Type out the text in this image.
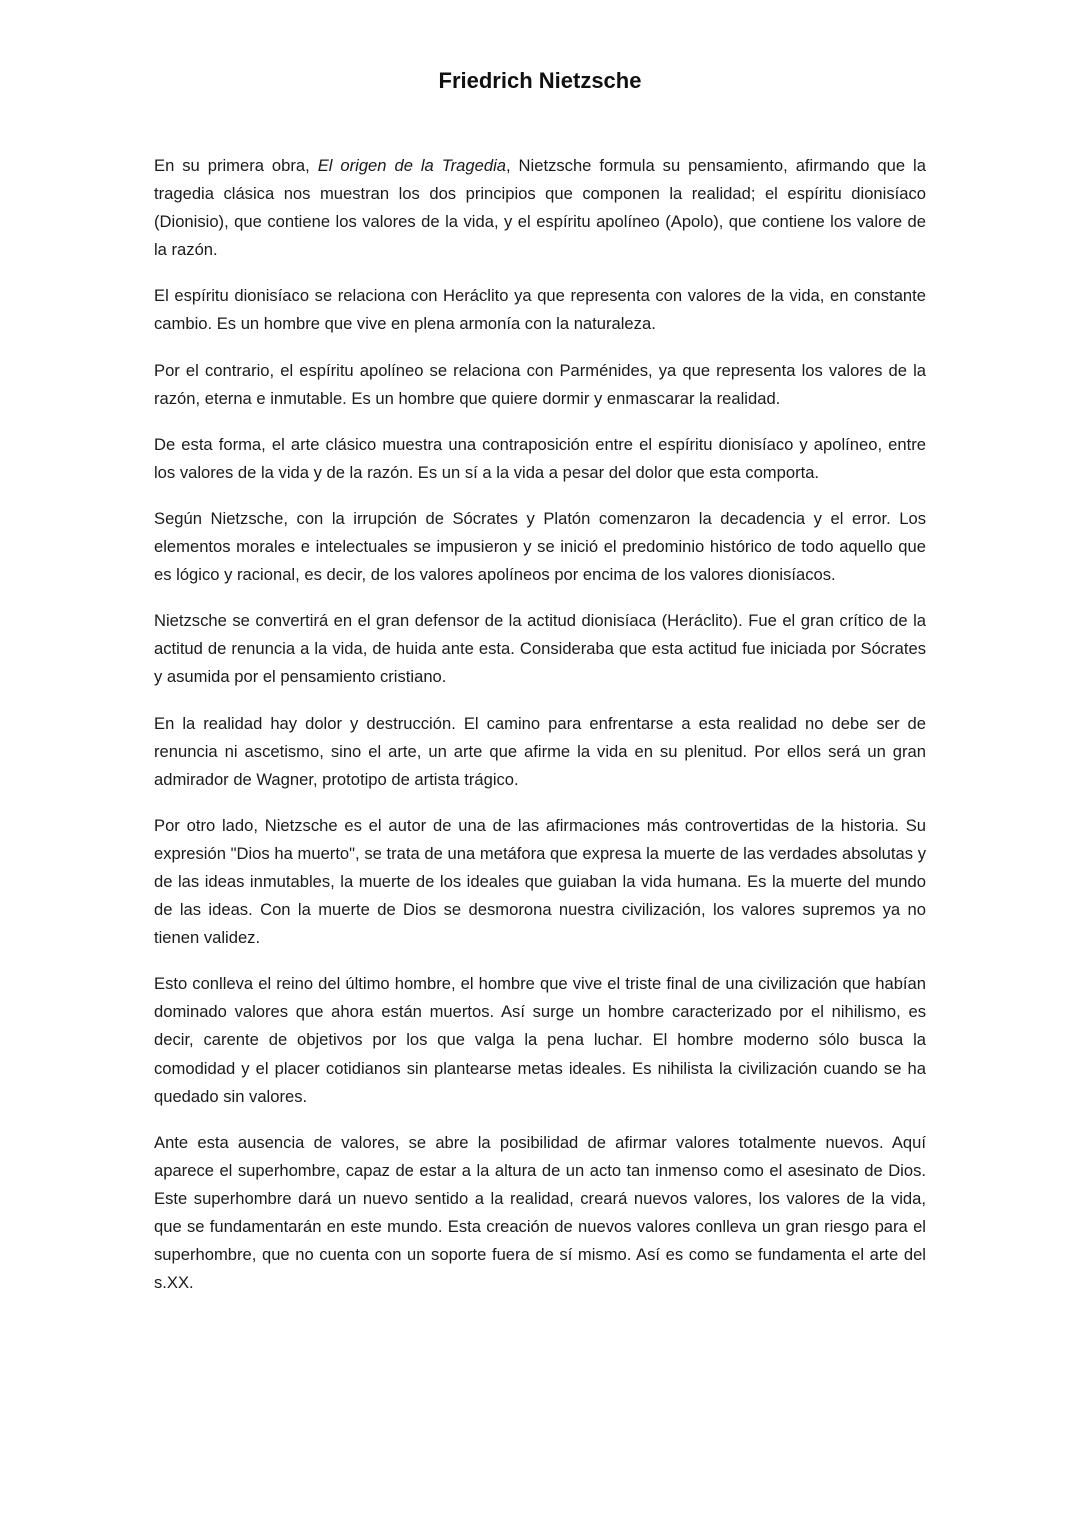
Friedrich Nietzsche

En su primera obra, El origen de la Tragedia, Nietzsche formula su pensamiento, afirmando que la tragedia clásica nos muestran los dos principios que componen la realidad; el espíritu dionisíaco (Dionisio), que contiene los valores de la vida, y el espíritu apolíneo (Apolo), que contiene los valore de la razón.

El espíritu dionisíaco se relaciona con Heráclito ya que representa con valores de la vida, en constante cambio. Es un hombre que vive en plena armonía con la naturaleza.

Por el contrario, el espíritu apolíneo se relaciona con Parménides, ya que representa los valores de la razón, eterna e inmutable. Es un hombre que quiere dormir y enmascarar la realidad.

De esta forma, el arte clásico muestra una contraposición entre el espíritu dionisíaco y apolíneo, entre los valores de la vida y de la razón. Es un sí a la vida a pesar del dolor que esta comporta.

Según Nietzsche, con la irrupción de Sócrates y Platón comenzaron la decadencia y el error. Los elementos morales e intelectuales se impusieron y se inició el predominio histórico de todo aquello que es lógico y racional, es decir, de los valores apolíneos por encima de los valores dionisíacos.

Nietzsche se convertirá en el gran defensor de la actitud dionisíaca (Heráclito). Fue el gran crítico de la actitud de renuncia a la vida, de huida ante esta. Consideraba que esta actitud fue iniciada por Sócrates y asumida por el pensamiento cristiano.

En la realidad hay dolor y destrucción. El camino para enfrentarse a esta realidad no debe ser de renuncia ni ascetismo, sino el arte, un arte que afirme la vida en su plenitud. Por ellos será un gran admirador de Wagner, prototipo de artista trágico.

Por otro lado, Nietzsche es el autor de una de las afirmaciones más controvertidas de la historia. Su expresión "Dios ha muerto", se trata de una metáfora que expresa la muerte de las verdades absolutas y de las ideas inmutables, la muerte de los ideales que guiaban la vida humana. Es la muerte del mundo de las ideas. Con la muerte de Dios se desmorona nuestra civilización, los valores supremos ya no tienen validez.

Esto conlleva el reino del último hombre, el hombre que vive el triste final de una civilización que habían dominado valores que ahora están muertos. Así surge un hombre caracterizado por el nihilismo, es decir, carente de objetivos por los que valga la pena luchar. El hombre moderno sólo busca la comodidad y el placer cotidianos sin plantearse metas ideales. Es nihilista la civilización cuando se ha quedado sin valores.

Ante esta ausencia de valores, se abre la posibilidad de afirmar valores totalmente nuevos. Aquí aparece el superhombre, capaz de estar a la altura de un acto tan inmenso como el asesinato de Dios. Este superhombre dará un nuevo sentido a la realidad, creará nuevos valores, los valores de la vida, que se fundamentarán en este mundo. Esta creación de nuevos valores conlleva un gran riesgo para el superhombre, que no cuenta con un soporte fuera de sí mismo. Así es como se fundamenta el arte del s.XX.
